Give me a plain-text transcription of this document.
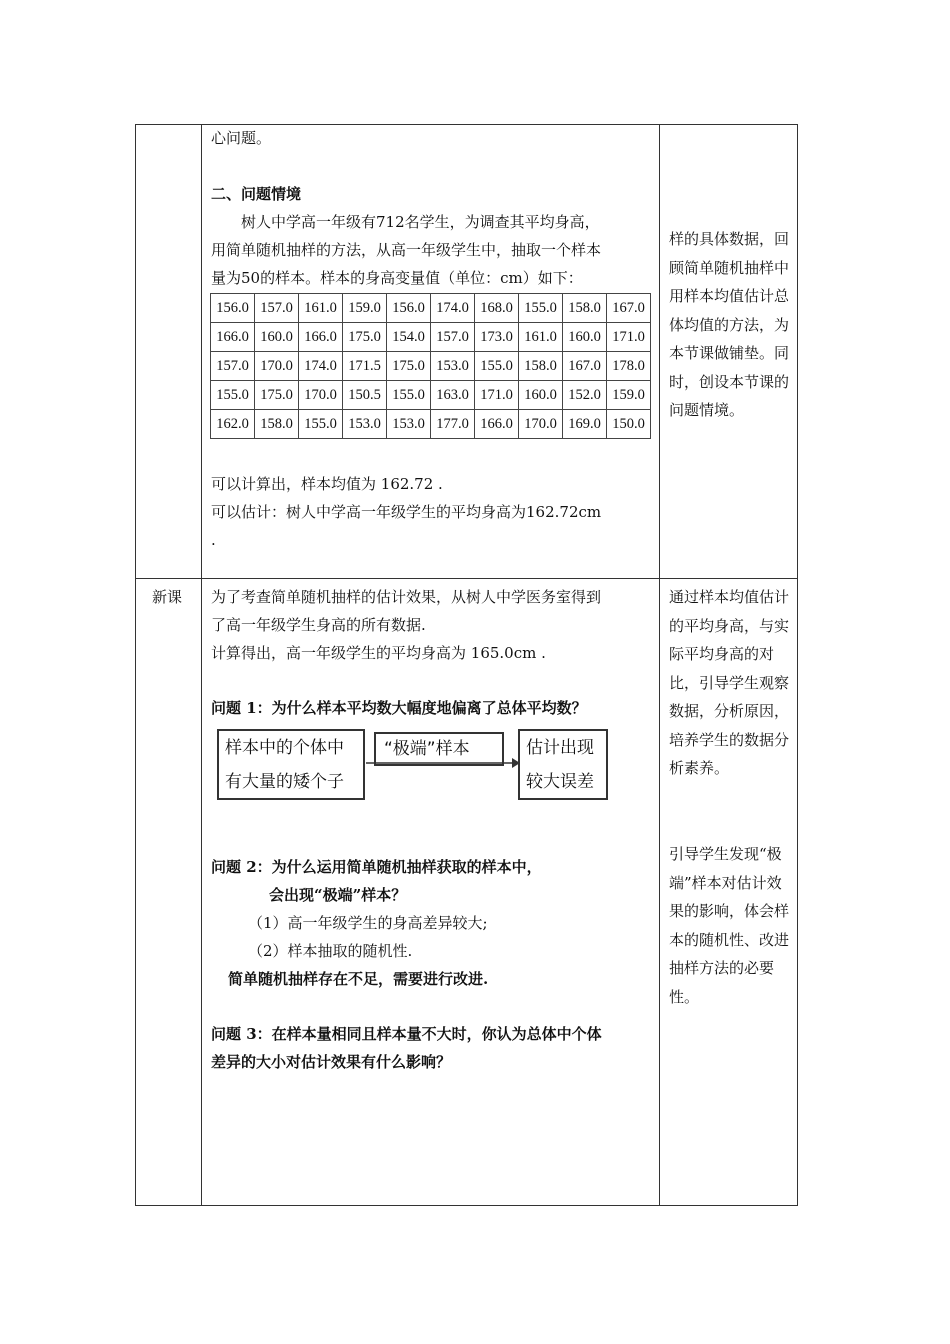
心问题。
二、问题情境
树人中学高一年级有712名学生，为调查其平均身高，
用简单随机抽样的方法，从高一年级学生中，抽取一个样本
量为50的样本。样本的身高变量值（单位：cm）如下：
156.0	157.0	161.0	159.0	156.0	174.0	168.0	155.0	158.0	167.0
166.0	160.0	166.0	175.0	154.0	157.0	173.0	161.0	160.0	171.0
157.0	170.0	174.0	171.5	175.0	153.0	155.0	158.0	167.0	178.0
155.0	175.0	170.0	150.5	155.0	163.0	171.0	160.0	152.0	159.0
162.0	158.0	155.0	153.0	153.0	177.0	166.0	170.0	169.0	150.0
可以计算出，样本均值为 162.72 .
可以估计：树人中学高一年级学生的平均身高为162.72cm
.
样的具体数据，回顾简单随机抽样中用样本均值估计总体均值的方法，为本节课做铺垫。同时，创设本节课的问题情境。
新课 为了考查简单随机抽样的估计效果，从树人中学医务室得到
了高一年级学生身高的所有数据.
计算得出，高一年级学生的平均身高为 165.0cm .
问题 1：为什么样本平均数大幅度地偏离了总体平均数？
样本中的个体中
有大量的矮个子
“极端”样本	估计出现
较大误差
问题 2：为什么运用简单随机抽样获取的样本中，
会出现“极端”样本？
（1）高一年级学生的身高差异较大;
（2）样本抽取的随机性.
简单随机抽样存在不足，需要进行改进.
问题 3：在样本量相同且样本量不大时，你认为总体中个体
差异的大小对估计效果有什么影响？
通过样本均值估计的平均身高，与实际平均身高的对比，引导学生观察数据，分析原因，培养学生的数据分析素养。
引导学生发现“极端”样本对估计效果的影响，体会样本的随机性、改进抽样方法的必要性。
